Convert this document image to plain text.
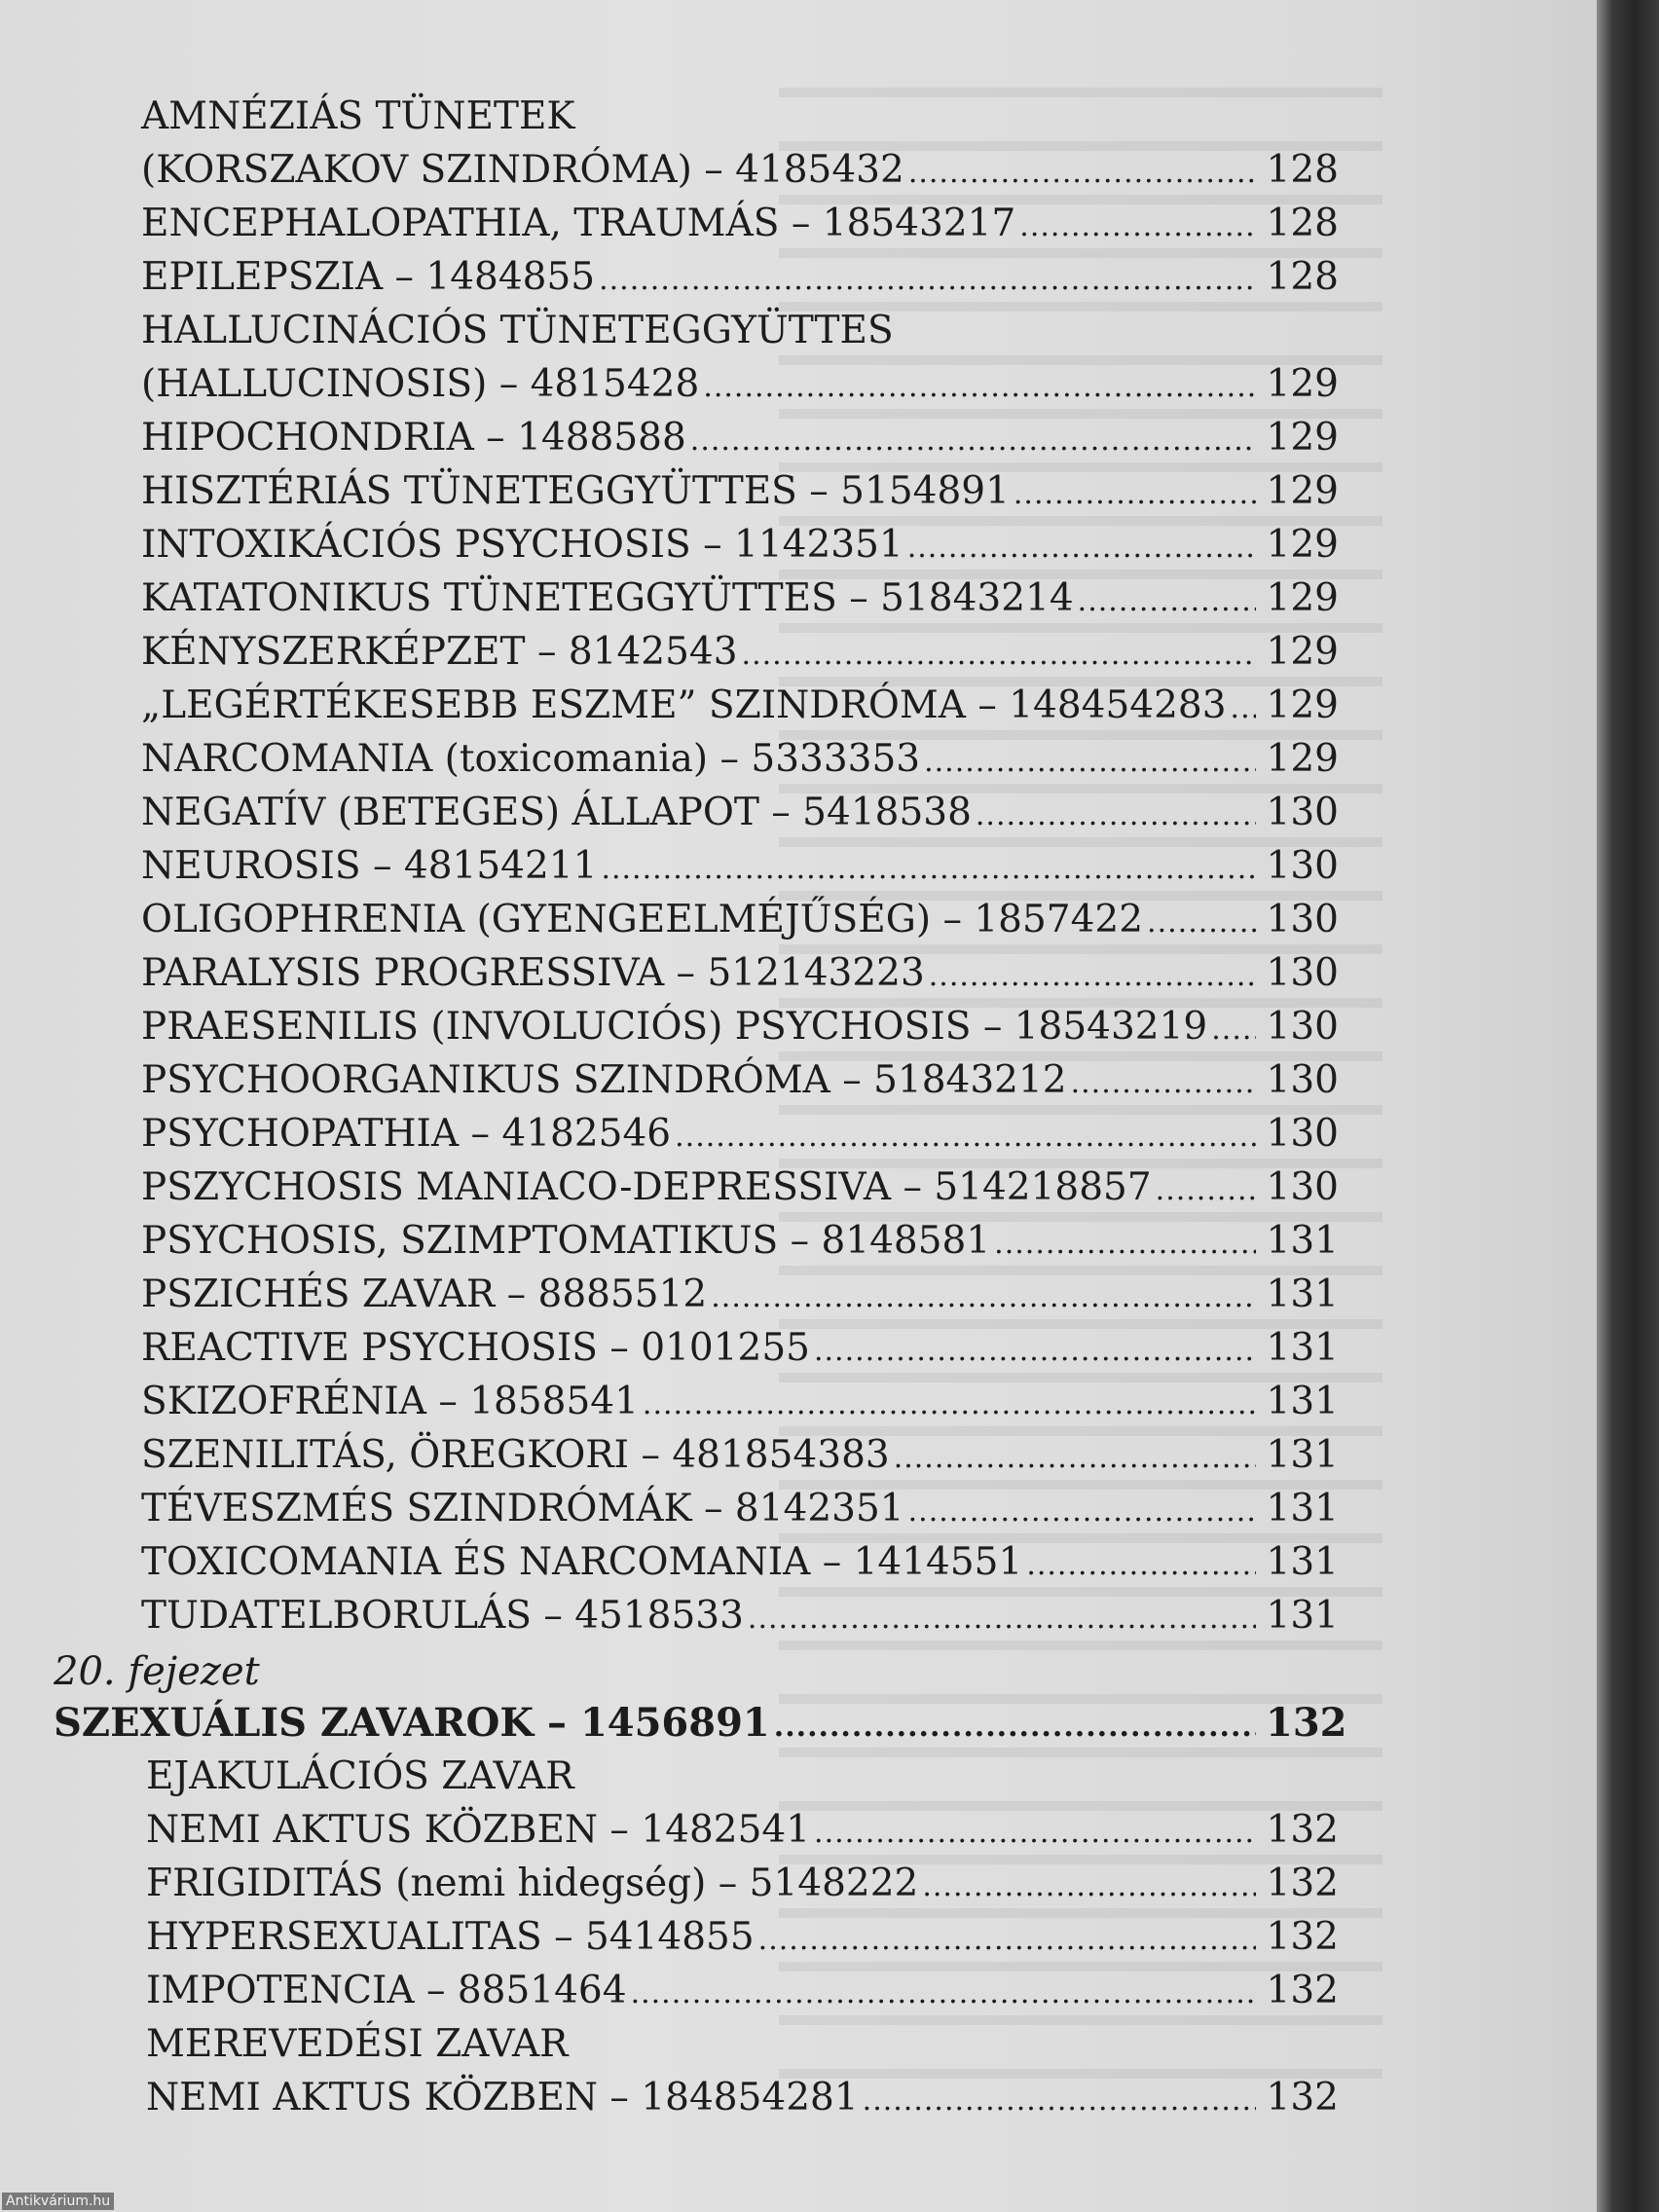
AMNÉZIÁS TÜNETEK
(KORSZAKOV SZINDRÓMA) – 4185432 .....	128
ENCEPHALOPATHIA, TRAUMÁS – 18543217 .....	128
EPILEPSZIA – 1484855 .....	128
HALLUCINÁCIÓS TÜNETEGGYÜTTES
(HALLUCINOSIS) – 4815428 .....	129
HIPOCHONDRIA – 1488588 .....	129
HISZTÉRIÁS TÜNETEGGYÜTTES – 5154891 .....	129
INTOXIKÁCIÓS PSYCHOSIS – 1142351 .....	129
KATATONIKUS TÜNETEGGYÜTTES – 51843214 .....	129
KÉNYSZERKÉPZET – 8142543 .....	129
„LEGÉRTÉKESEBB ESZME” SZINDRÓMA – 148454283 ..... 129
NARCOMANIA (toxicomania) – 5333353 .....	129
NEGATÍV (BETEGES) ÁLLAPOT – 5418538 .....	130
NEUROSIS – 48154211 .....	130
OLIGOPHRENIA (GYENGEELMÉJŰSÉG) – 1857422 .....	130
PARALYSIS PROGRESSIVA – 512143223 .....	130
PRAESENILIS (INVOLUCIÓS) PSYCHOSIS – 18543219 ..... 130
PSYCHOORGANIKUS SZINDRÓMA – 51843212 .....	130
PSYCHOPATHIA – 4182546 .....	130
PSZYCHOSIS MANIACO-DEPRESSIVA – 514218857 .....	130
PSYCHOSIS, SZIMPTOMATIKUS – 8148581 .....	131
PSZICHÉS ZAVAR – 8885512 .....	131
REACTIVE PSYCHOSIS – 0101255 .....	131
SKIZOFRÉNIA – 1858541 .....	131
SZENILITÁS, ÖREGKORI – 481854383 .....	131
TÉVESZMÉS SZINDRÓMÁK – 8142351 .....	131
TOXICOMANIA ÉS NARCOMANIA – 1414551 .....	131
TUDATELBORULÁS – 4518533 .....	131
20. fejezet
SZEXUÁLIS ZAVAROK – 1456891 .....	132
EJAKULÁCIÓS ZAVAR
NEMI AKTUS KÖZBEN – 1482541 .....	132
FRIGIDITÁS (nemi hidegség) – 5148222 .....	132
HYPERSEXUALITAS – 5414855 .....	132
IMPOTENCIA – 8851464 .....	132
MEREVEDÉSI ZAVAR
NEMI AKTUS KÖZBEN – 184854281 .....	132
Antikvárium.hu
